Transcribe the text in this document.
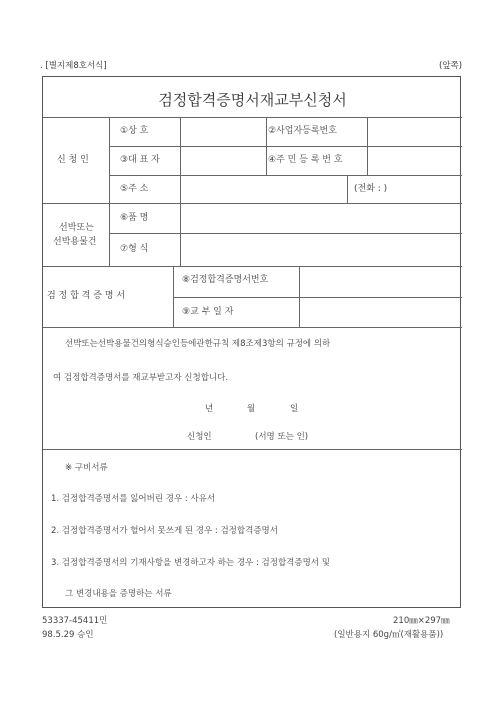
. [별지제8호서식]	(앞쪽)
검정합격증명서재교부신청서
신 청 인
①상 호	②사업자등록번호
③대 표 자	④주 민 등 록 번 호
⑤주 소	(전화 : )
선박또는
선박용물건
⑥품 명
⑦형 식
검 정 합 격 증 명 서
⑧검정합격증명서번호
⑨교 부 일 자
선박또는선박용물건의형식승인등에관한규칙 제8조제3항의 규정에 의하
여 검정합격증명서를 재교부받고자 신청합니다.
년	월	일
신청인	(서명 또는 인)
※ 구비서류
1. 검정합격증명서를 잃어버린 경우 : 사유서
2. 검정합격증명서가 헐어서 못쓰게 된 경우 : 검정합격증명서
3. 검정합격증명서의 기재사항을 변경하고자 하는 경우 : 검정합격증명서 및
그 변경내용을 증명하는 서류
53337-45411민
98.5.29 승인
210㎜×297㎜
(일반용지 60g/㎡(재활용품))
